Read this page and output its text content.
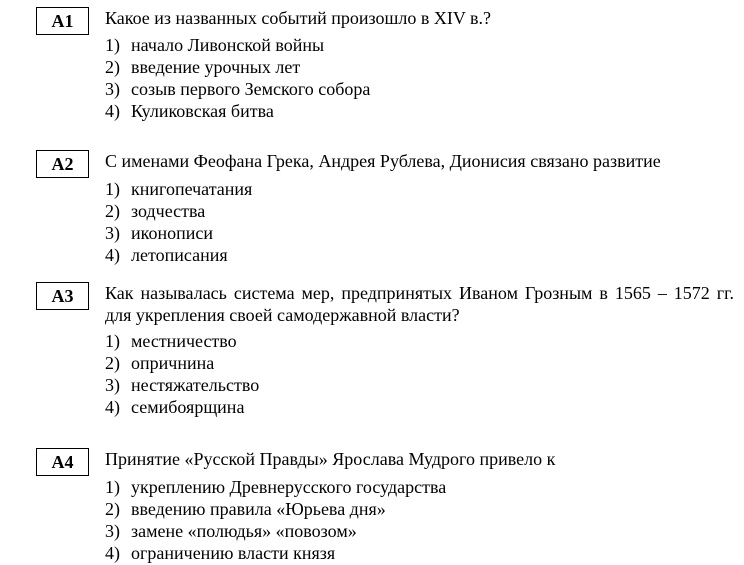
A1	Какое из названных событий произошло в XIV в.?
1) начало Ливонской войны
2) введение урочных лет
3) созыв первого Земского собора
4) Куликовская битва
A2	С именами Феофана Грека, Андрея Рублева, Дионисия связано развитие
1) книгопечатания
2) зодчества
3) иконописи
4) летописания
A3	Как называлась система мер, предпринятых Иваном Грозным в 1565 – 1572 гг. для укрепления своей самодержавной власти?
1) местничество
2) опричнина
3) нестяжательство
4) семибоярщина
A4	Принятие «Русской Правды» Ярослава Мудрого привело к
1) укреплению Древнерусского государства
2) введению правила «Юрьева дня»
3) замене «полюдья» «повозом»
4) ограничению власти князя
